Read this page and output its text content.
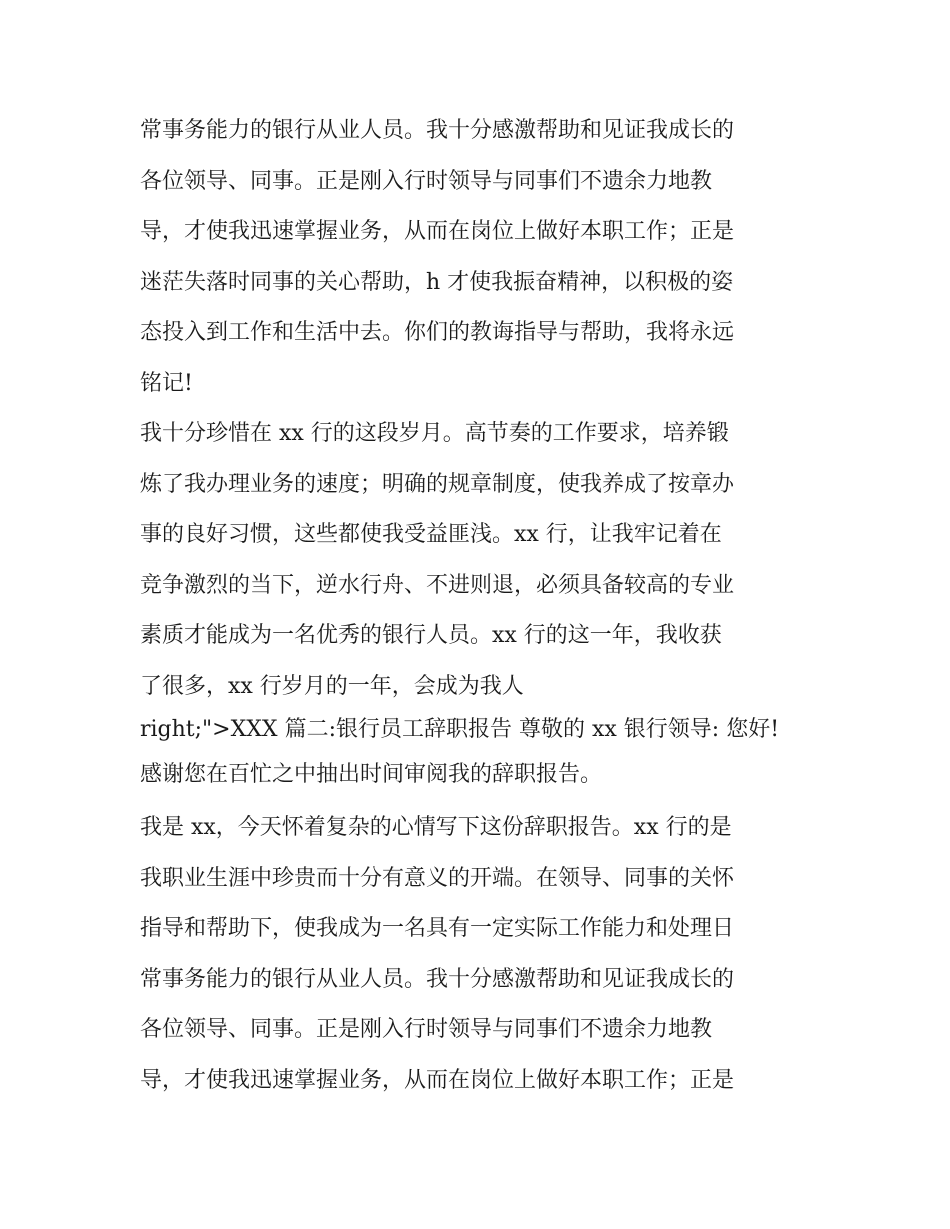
常事务能力的银行从业人员。我十分感激帮助和见证我成长的
各位领导、同事。正是刚入行时领导与同事们不遗余力地教
导，才使我迅速掌握业务，从而在岗位上做好本职工作；正是
迷茫失落时同事的关心帮助，h 才使我振奋精神，以积极的姿
态投入到工作和生活中去。你们的教诲指导与帮助，我将永远
铭记!
我十分珍惜在 xx 行的这段岁月。高节奏的工作要求，培养锻
炼了我办理业务的速度；明确的规章制度，使我养成了按章办
事的良好习惯，这些都使我受益匪浅。xx 行，让我牢记着在
竞争激烈的当下，逆水行舟、不进则退，必须具备较高的专业
素质才能成为一名优秀的银行人员。xx 行的这一年，我收获
了很多，xx 行岁月的一年，会成为我人
right;">XXX 篇二:银行员工辞职报告 尊敬的 xx 银行领导: 您好!
感谢您在百忙之中抽出时间审阅我的辞职报告。
我是 xx，今天怀着复杂的心情写下这份辞职报告。xx 行的是
我职业生涯中珍贵而十分有意义的开端。在领导、同事的关怀
指导和帮助下，使我成为一名具有一定实际工作能力和处理日
常事务能力的银行从业人员。我十分感激帮助和见证我成长的
各位领导、同事。正是刚入行时领导与同事们不遗余力地教
导，才使我迅速掌握业务，从而在岗位上做好本职工作；正是
